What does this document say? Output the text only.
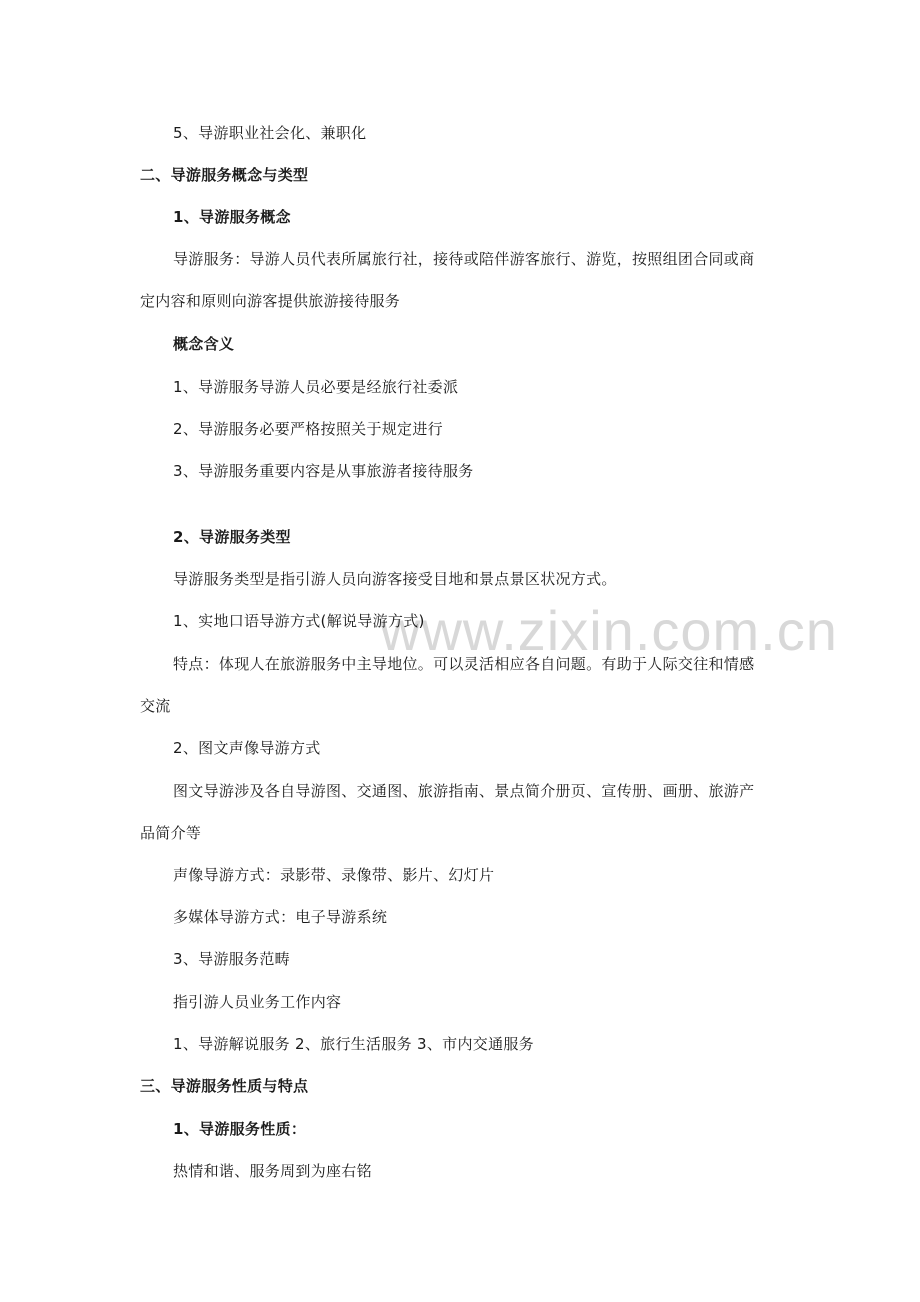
www.zixin.com.cn
5、导游职业社会化、兼职化
二、导游服务概念与类型
1、导游服务概念
导游服务：导游人员代表所属旅行社，接待或陪伴游客旅行、游览，按照组团合同或商
定内容和原则向游客提供旅游接待服务
概念含义
1、导游服务导游人员必要是经旅行社委派
2、导游服务必要严格按照关于规定进行
3、导游服务重要内容是从事旅游者接待服务
2、导游服务类型
导游服务类型是指引游人员向游客接受目地和景点景区状况方式。
1、实地口语导游方式(解说导游方式)
特点：体现人在旅游服务中主导地位。可以灵活相应各自问题。有助于人际交往和情感
交流
2、图文声像导游方式
图文导游涉及各自导游图、交通图、旅游指南、景点简介册页、宣传册、画册、旅游产
品简介等
声像导游方式：录影带、录像带、影片、幻灯片
多媒体导游方式：电子导游系统
3、导游服务范畴
指引游人员业务工作内容
1、导游解说服务 2、旅行生活服务 3、市内交通服务
三、导游服务性质与特点
1、导游服务性质：
热情和谐、服务周到为座右铭
